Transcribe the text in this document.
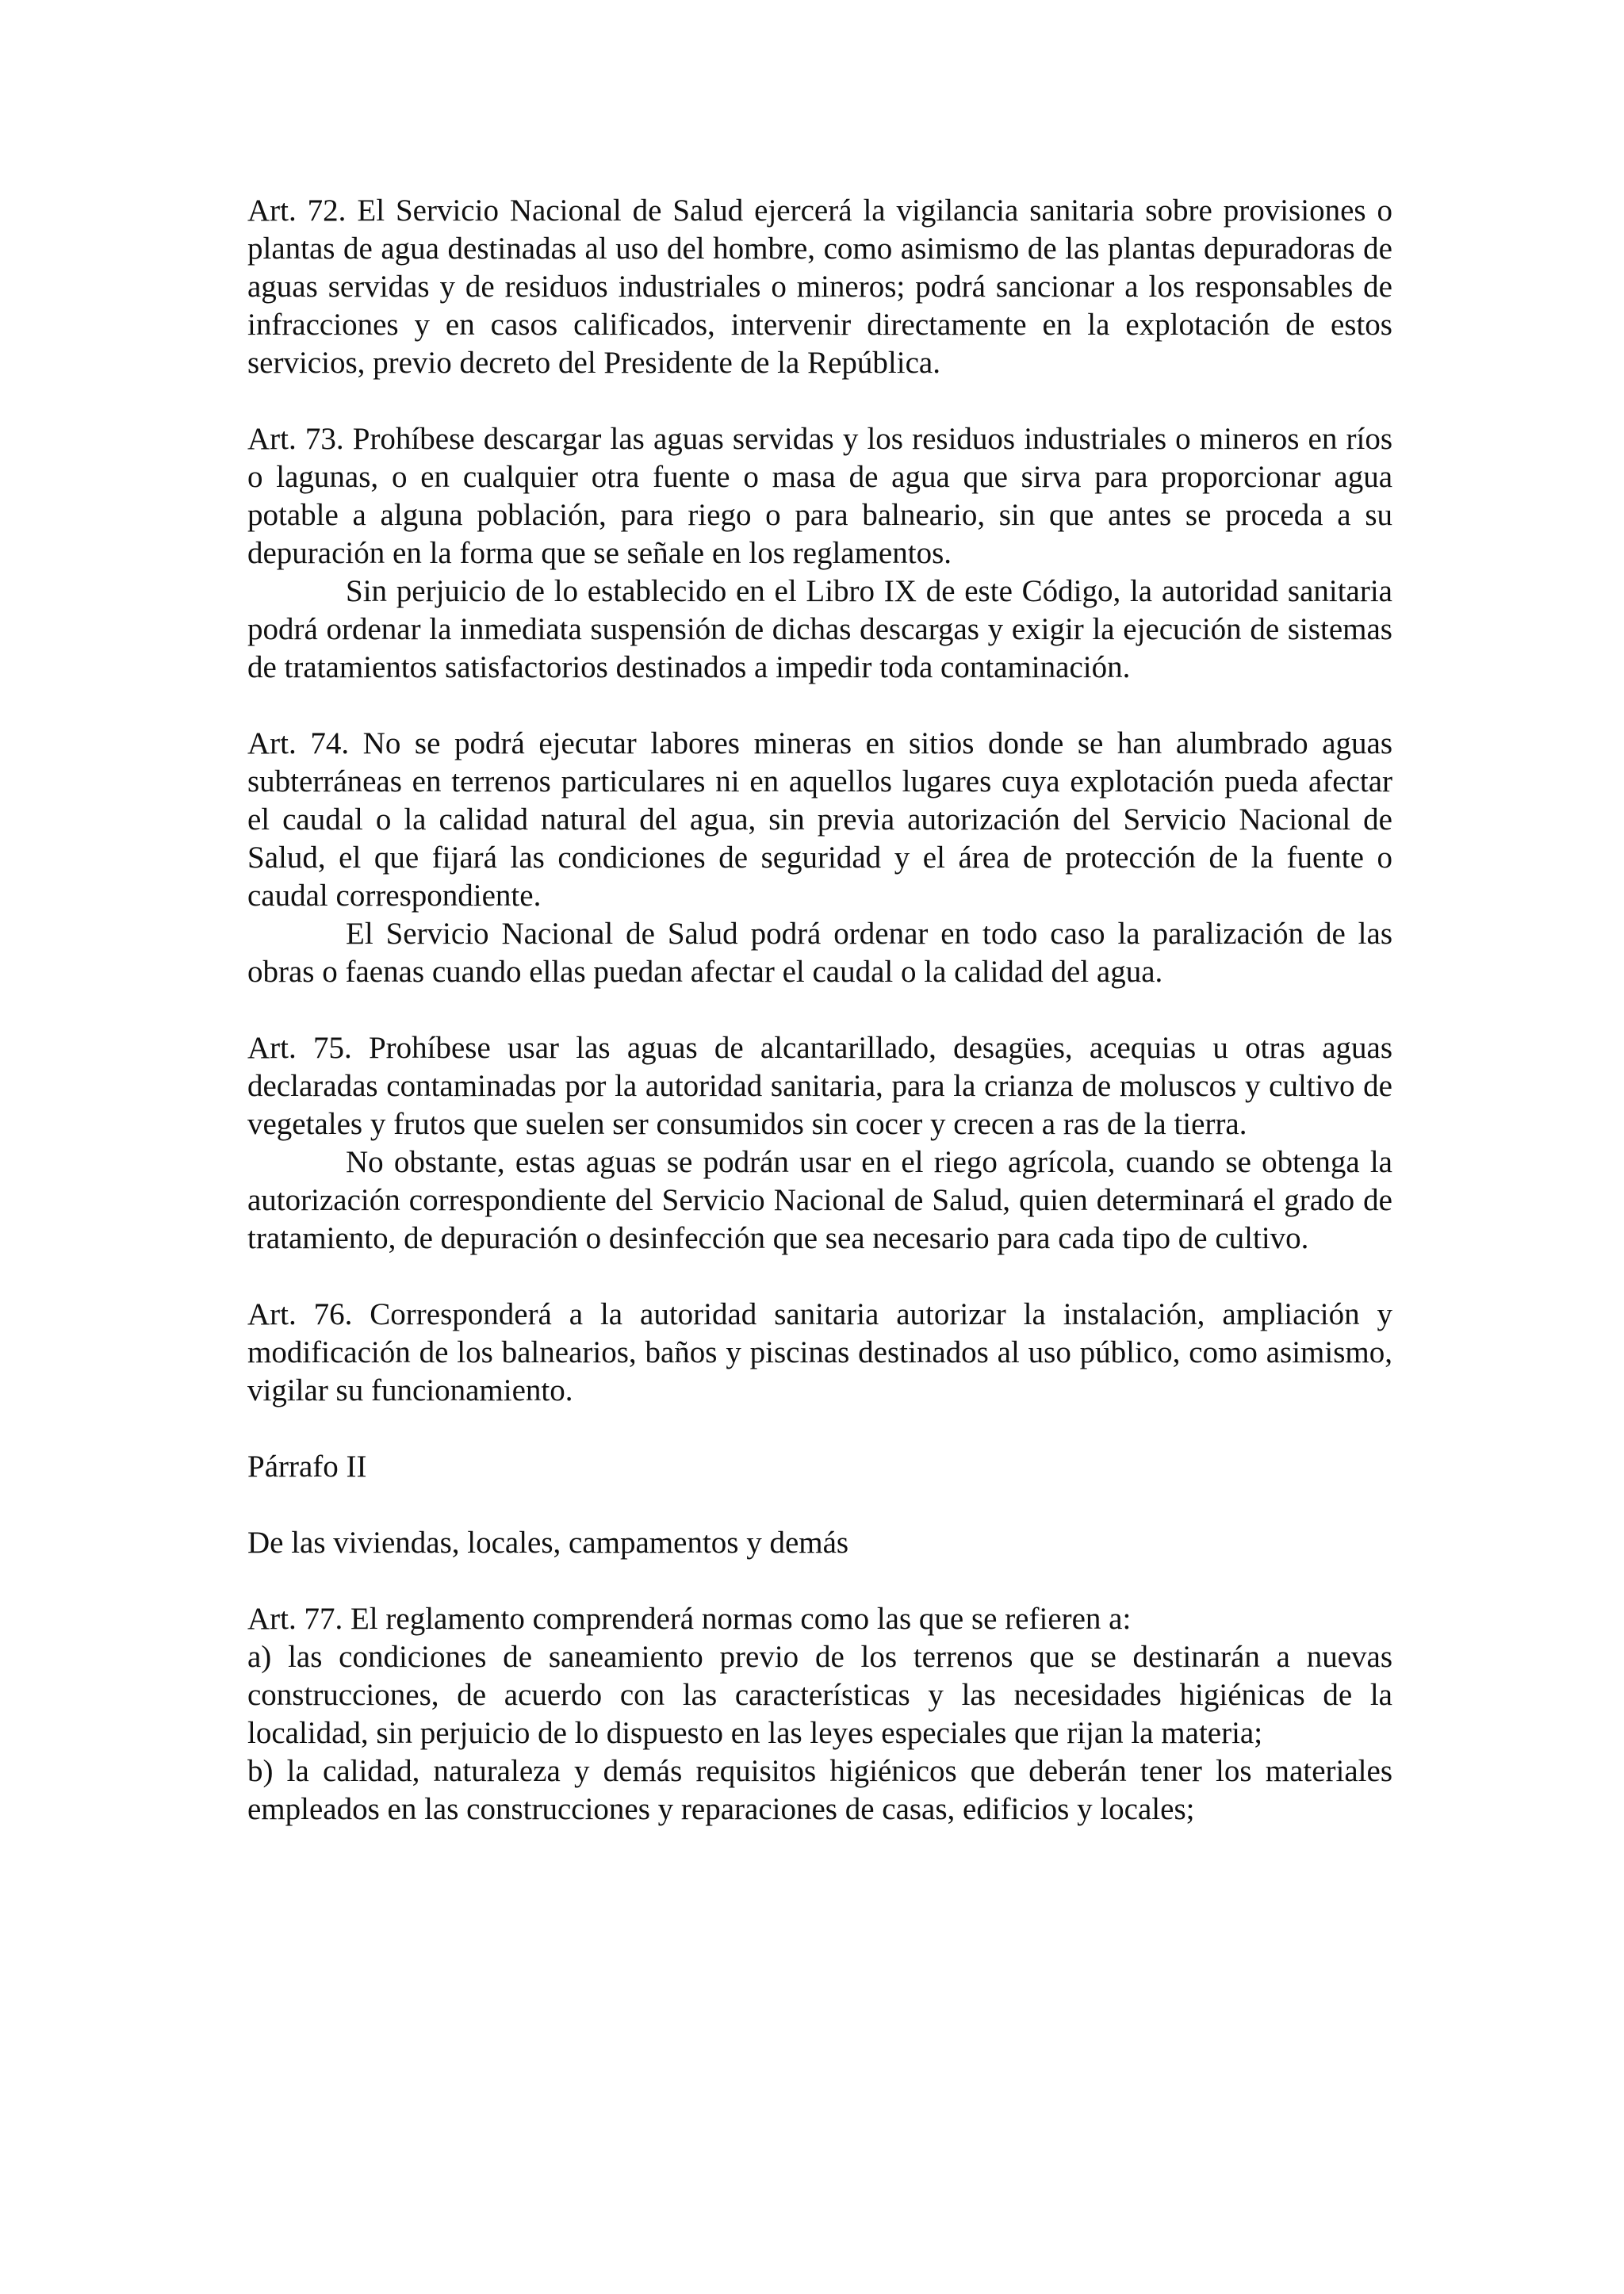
Art. 72. El Servicio Nacional de Salud ejercerá la vigilancia sanitaria sobre provisiones o plantas de agua destinadas al uso del hombre, como asimismo de las plantas depuradoras de aguas servidas y de residuos industriales o mineros; podrá sancionar a los responsables de infracciones y en casos calificados, intervenir directamente en la explotación de estos servicios, previo decreto del Presidente de la República.

Art. 73. Prohíbese descargar las aguas servidas y los residuos industriales o mineros en ríos o lagunas, o en cualquier otra fuente o masa de agua que sirva para proporcionar agua potable a alguna población, para riego o para balneario, sin que antes se proceda a su depuración en la forma que se señale en los reglamentos.

Sin perjuicio de lo establecido en el Libro IX de este Código, la autoridad sanitaria podrá ordenar la inmediata suspensión de dichas descargas y exigir la ejecución de sistemas de tratamientos satisfactorios destinados a impedir toda contaminación.

Art. 74. No se podrá ejecutar labores mineras en sitios donde se han alumbrado aguas subterráneas en terrenos particulares ni en aquellos lugares cuya explotación pueda afectar el caudal o la calidad natural del agua, sin previa autorización del Servicio Nacional de Salud, el que fijará las condiciones de seguridad y el área de protección de la fuente o caudal correspondiente.

El Servicio Nacional de Salud podrá ordenar en todo caso la paralización de las obras o faenas cuando ellas puedan afectar el caudal o la calidad del agua.

Art. 75. Prohíbese usar las aguas de alcantarillado, desagües, acequias u otras aguas declaradas contaminadas por la autoridad sanitaria, para la crianza de moluscos y cultivo de vegetales y frutos que suelen ser consumidos sin cocer y crecen a ras de la tierra.

No obstante, estas aguas se podrán usar en el riego agrícola, cuando se obtenga la autorización correspondiente del Servicio Nacional de Salud, quien determinará el grado de tratamiento, de depuración o desinfección que sea necesario para cada tipo de cultivo.

Art. 76. Corresponderá a la autoridad sanitaria autorizar la instalación, ampliación y modificación de los balnearios, baños y piscinas destinados al uso público, como asimismo, vigilar su funcionamiento.

Párrafo II

De las viviendas, locales, campamentos y demás

Art. 77. El reglamento comprenderá normas como las que se refieren a:

a) las condiciones de saneamiento previo de los terrenos que se destinarán a nuevas construcciones, de acuerdo con las características y las necesidades higiénicas de la localidad, sin perjuicio de lo dispuesto en las leyes especiales que rijan la materia;

b) la calidad, naturaleza y demás requisitos higiénicos que deberán tener los materiales empleados en las construcciones y reparaciones de casas, edificios y locales;
